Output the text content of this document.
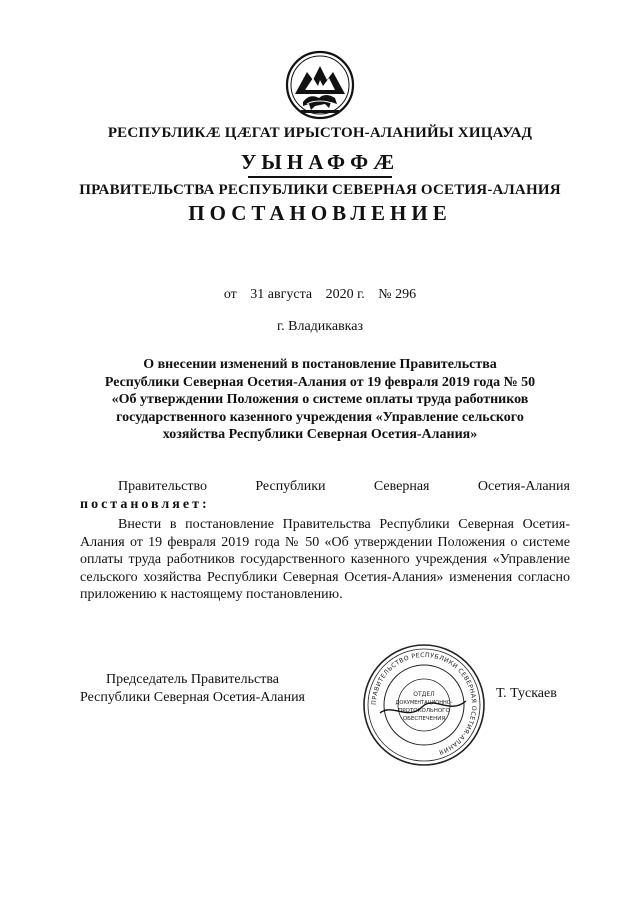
РЕСПУБЛИКӔ ЦӔГАТ ИРЫСТОН-АЛАНИЙЫ ХИЦАУАД
УЫНАФФӔ
ПРАВИТЕЛЬСТВА РЕСПУБЛИКИ СЕВЕРНАЯ ОСЕТИЯ-АЛАНИЯ
ПОСТАНОВЛЕНИЕ
от 31 августа 2020 г. № 296
г. Владикавказ
О внесении изменений в постановление Правительства
Республики Северная Осетия-Алания от 19 февраля 2019 года № 50
«Об утверждении Положения о системе оплаты труда работников
государственного казенного учреждения «Управление сельского
хозяйства Республики Северная Осетия-Алания»
Правительство	Республики	Северная	Осетия-Алания
постановляет:
Внести в постановление Правительства Республики Северная Осетия-Алания от 19 февраля 2019 года № 50 «Об утверждении Положения о системе оплаты труда работников государственного казенного учреждения «Управление сельского хозяйства Республики Северная Осетия-Алания» изменения согласно приложению к настоящему постановлению.
Председатель Правительства
Республики Северная Осетия-Алания	ПРАВИТЕЛЬСТВО РЕСПУБЛИКИ СЕВЕРНАЯ ОСЕТИЯ-АЛАНИЯ
ОТДЕЛ
ДОКУМЕНТАЦИОННО-
ПРОТОКОЛЬНОГО
ОБЕСПЕЧЕНИЯ
Т. Тускаев
